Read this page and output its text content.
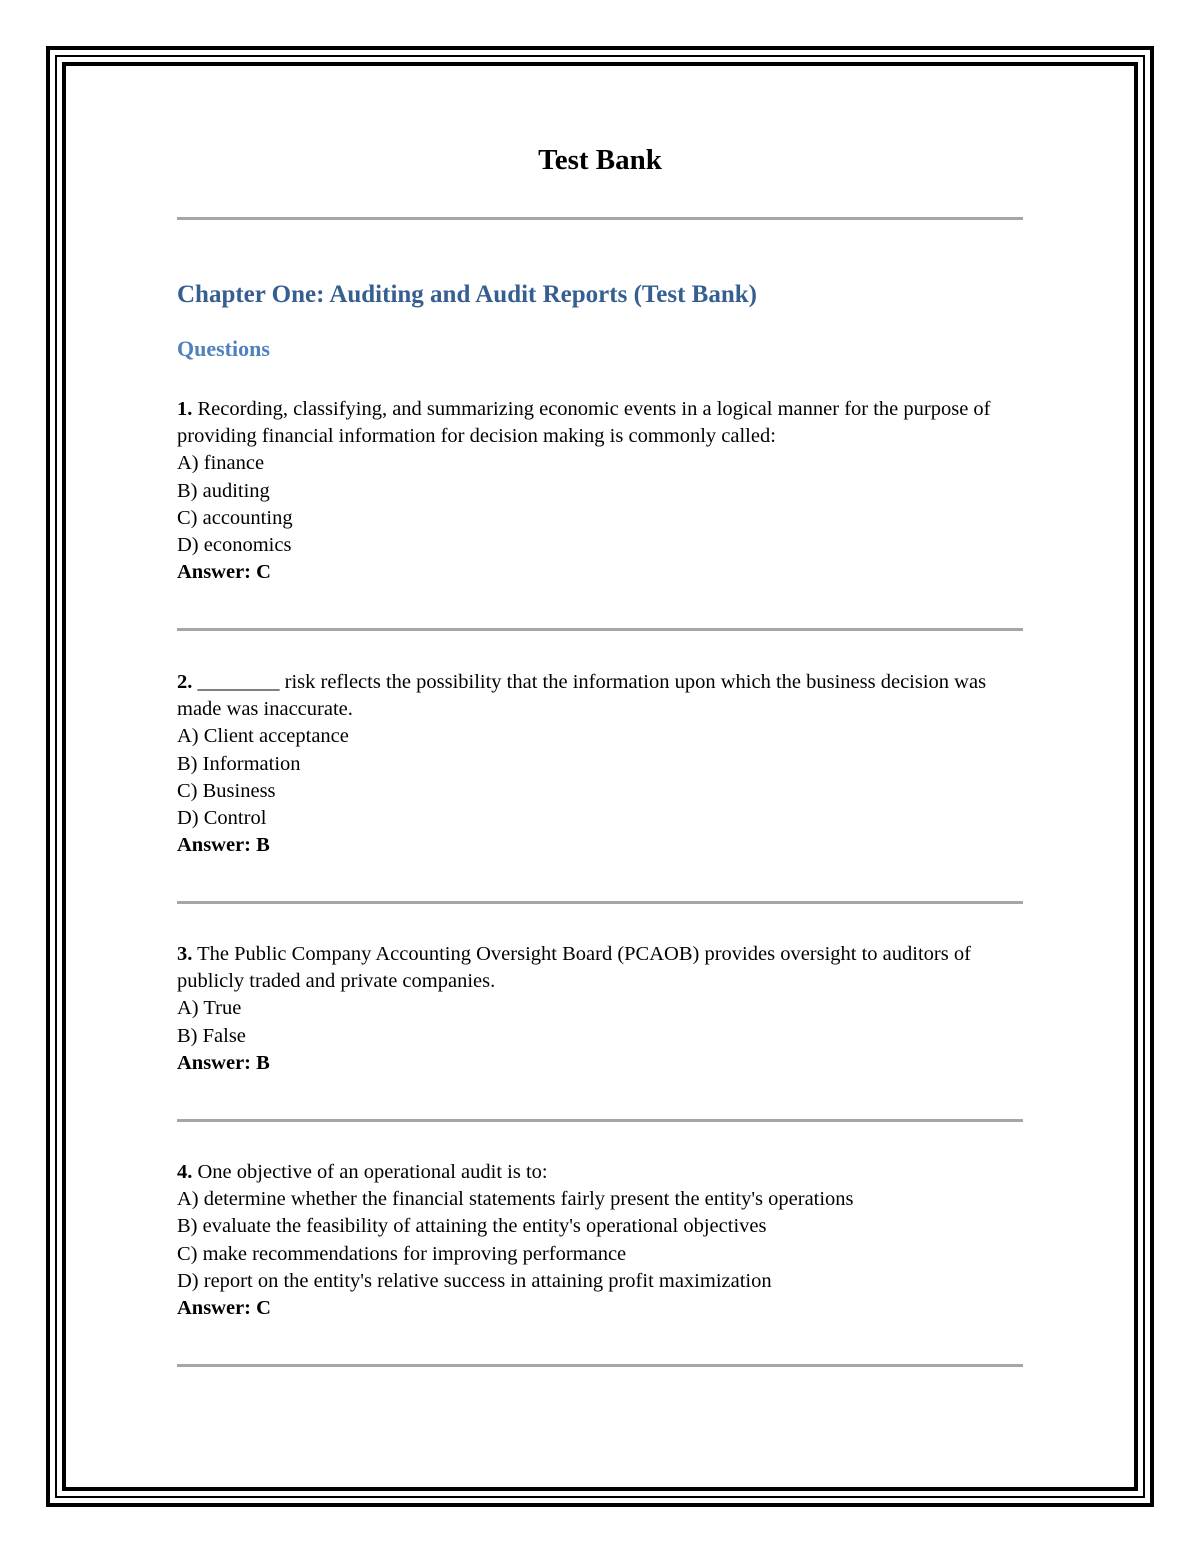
Test Bank
Chapter One: Auditing and Audit Reports (Test Bank)
Questions

1. Recording, classifying, and summarizing economic events in a logical manner for the purpose of providing financial information for decision making is commonly called:

A) finance

B) auditing

C) accounting

D) economics

Answer: C

2. ________ risk reflects the possibility that the information upon which the business decision was made was inaccurate.

A) Client acceptance

B) Information

C) Business

D) Control

Answer: B

3. The Public Company Accounting Oversight Board (PCAOB) provides oversight to auditors of publicly traded and private companies.

A) True

B) False

Answer: B

4. One objective of an operational audit is to:

A) determine whether the financial statements fairly present the entity's operations

B) evaluate the feasibility of attaining the entity's operational objectives

C) make recommendations for improving performance

D) report on the entity's relative success in attaining profit maximization

Answer: C
